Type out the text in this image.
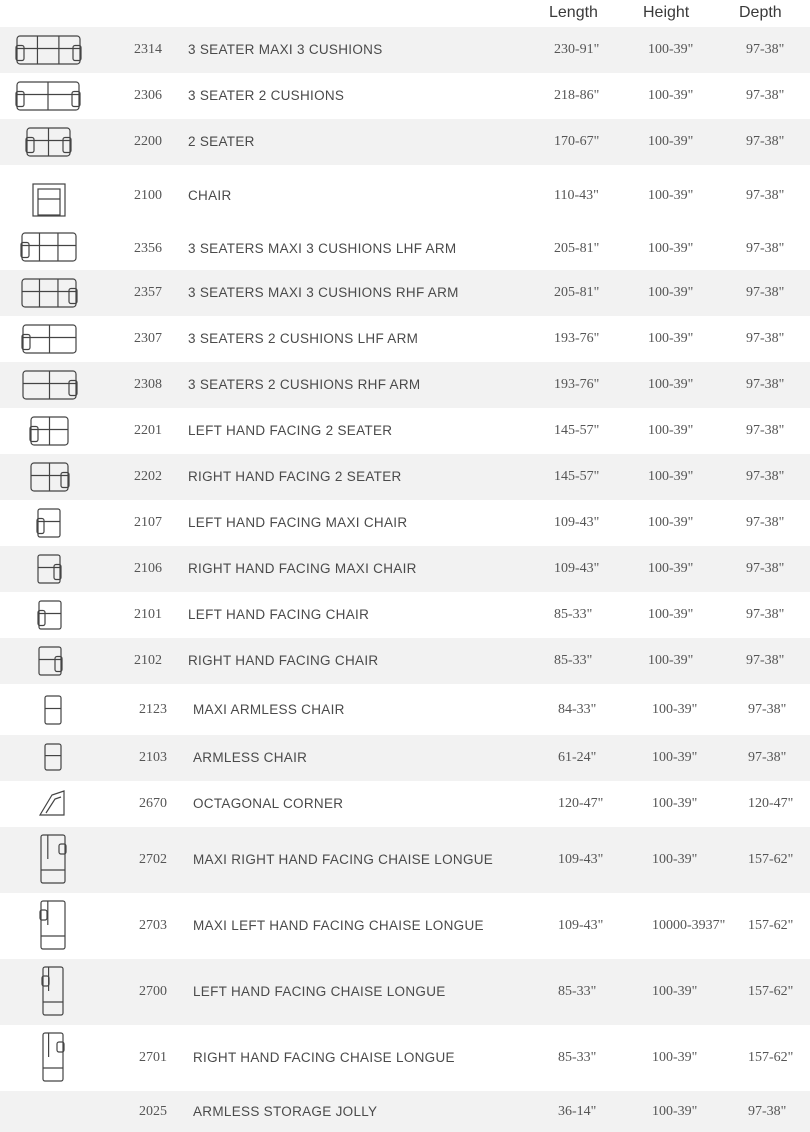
Length	Height	Depth
2314 3 SEATER MAXI 3 CUSHIONS	230-91"	100-39"	97-38"
2306 3 SEATER 2 CUSHIONS	218-86"	100-39"	97-38"
2200 2 SEATER	170-67"	100-39"	97-38"
2100 CHAIR	110-43"	100-39"	97-38"
2356 3 SEATERS MAXI 3 CUSHIONS LHF ARM	205-81"	100-39"	97-38"
2357 3 SEATERS MAXI 3 CUSHIONS RHF ARM	205-81"	100-39"	97-38"
2307 3 SEATERS 2 CUSHIONS LHF ARM	193-76"	100-39"	97-38"
2308 3 SEATERS 2 CUSHIONS RHF ARM	193-76"	100-39"	97-38"
2201 LEFT HAND FACING 2 SEATER	145-57"	100-39"	97-38"
2202 RIGHT HAND FACING 2 SEATER	145-57"	100-39"	97-38"
2107 LEFT HAND FACING MAXI CHAIR	109-43"	100-39"	97-38"
2106 RIGHT HAND FACING MAXI CHAIR	109-43"	100-39"	97-38"
2101 LEFT HAND FACING CHAIR	85-33"	100-39"	97-38"
2102 RIGHT HAND FACING CHAIR	85-33"	100-39"	97-38"
2123 MAXI ARMLESS CHAIR	84-33"	100-39"	97-38"
2103 ARMLESS CHAIR	61-24"	100-39"	97-38"
2670 OCTAGONAL CORNER	120-47"	100-39"	120-47"
2702 MAXI RIGHT HAND FACING CHAISE LONGUE	109-43"	100-39"	157-62"
2703 MAXI LEFT HAND FACING CHAISE LONGUE	109-43"	10000-3937" 157-62"
2700 LEFT HAND FACING CHAISE LONGUE	85-33"	100-39"	157-62"
2701 RIGHT HAND FACING CHAISE LONGUE	85-33"	100-39"	157-62"
2025 ARMLESS STORAGE JOLLY	36-14"	100-39"	97-38"
